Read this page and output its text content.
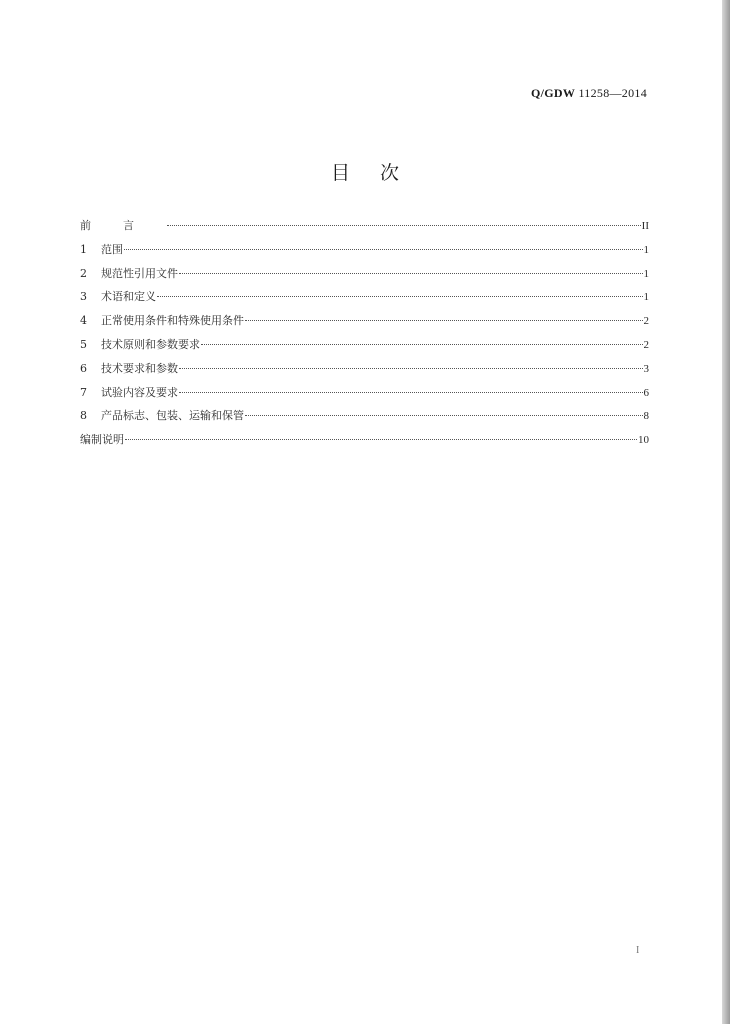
Q/GDW 11258—2014
目次
前言	II
1	范围	1
2	规范性引用文件	1
3	术语和定义	1
4	正常使用条件和特殊使用条件	2
5	技术原则和参数要求	2
6	技术要求和参数	3
7	试验内容及要求	6
8	产品标志、包装、运输和保管	8
编制说明	10
I
